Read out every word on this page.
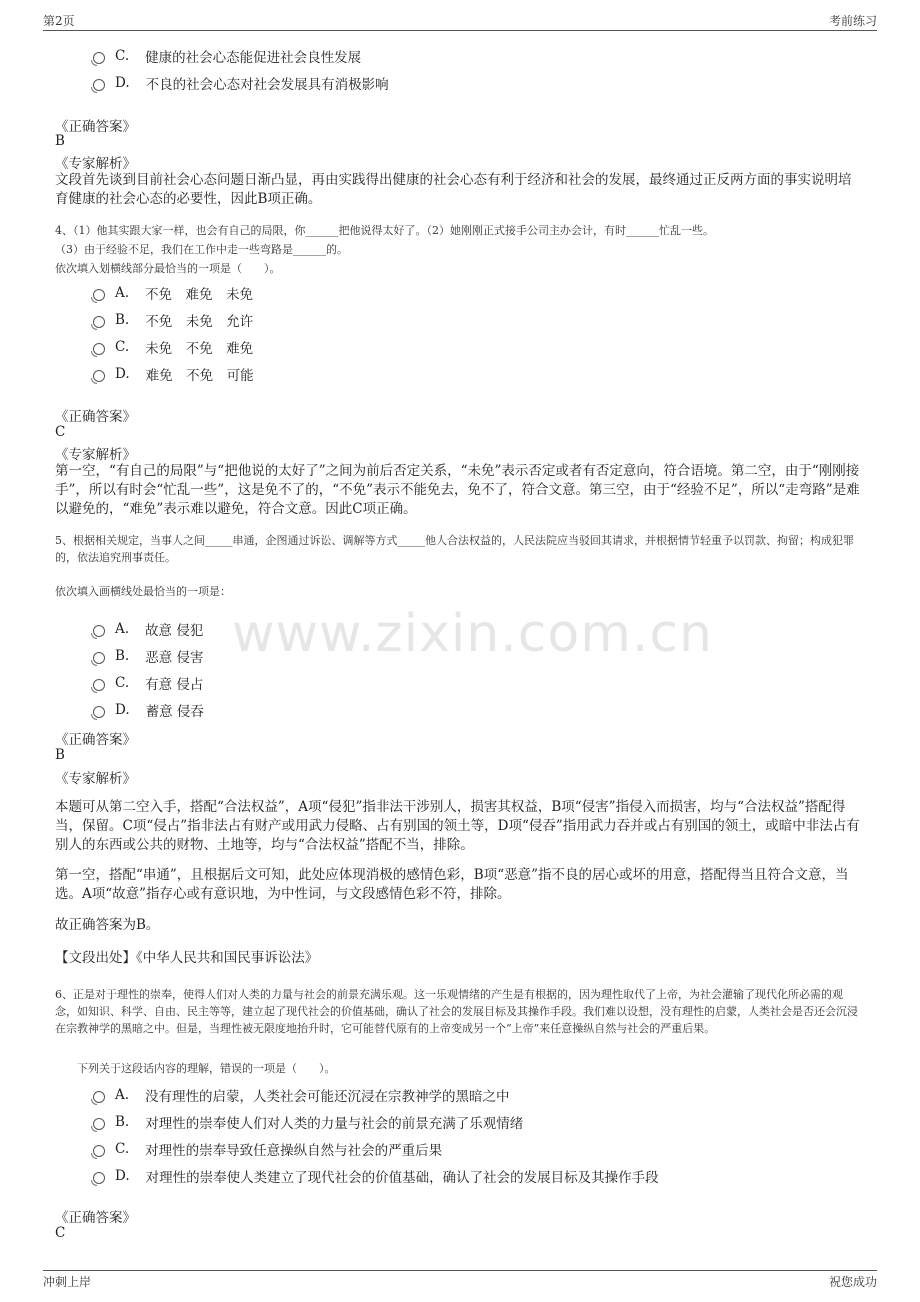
第2页	考前练习
www.zixin.com.cn
C. 健康的社会心态能促进社会良性发展
D. 不良的社会心态对社会发展具有消极影响
《正确答案》
B
《专家解析》
文段首先谈到目前社会心态问题日渐凸显，再由实践得出健康的社会心态有利于经济和社会的发展，最终通过正反两方面的事实说明培育健康的社会心态的必要性，因此B项正确。
4、（1）他其实跟大家一样，也会有自己的局限，你______把他说得太好了。（2）她刚刚正式接手公司主办会计，有时______忙乱一些。
（3）由于经验不足，我们在工作中走一些弯路是______的。
依次填入划横线部分最恰当的一项是（　　）。
A. 不免　难免　未免
B. 不免　未免　允许
C. 未免　不免　难免
D. 难免　不免　可能
《正确答案》
C
《专家解析》
第一空，“有自己的局限”与“把他说的太好了”之间为前后否定关系，“未免”表示否定或者有否定意向，符合语境。第二空，由于“刚刚接手”，所以有时会“忙乱一些”，这是免不了的，“不免”表示不能免去，免不了，符合文意。第三空，由于“经验不足”，所以“走弯路”是难以避免的，“难免”表示难以避免，符合文意。因此C项正确。
5、根据相关规定，当事人之间_____串通，企图通过诉讼、调解等方式_____他人合法权益的，人民法院应当驳回其请求，并根据情节轻重予以罚款、拘留；构成犯罪的，依法追究刑事责任。
依次填入画横线处最恰当的一项是：
A. 故意 侵犯
B. 恶意 侵害
C. 有意 侵占
D. 蓄意 侵吞
《正确答案》
B
《专家解析》
本题可从第二空入手，搭配“合法权益”，A项“侵犯”指非法干涉别人，损害其权益，B项“侵害”指侵入而损害，均与“合法权益”搭配得当，保留。C项“侵占”指非法占有财产或用武力侵略、占有别国的领土等，D项“侵吞”指用武力吞并或占有别国的领土，或暗中非法占有别人的东西或公共的财物、土地等，均与“合法权益”搭配不当，排除。
第一空，搭配“串通”，且根据后文可知，此处应体现消极的感情色彩，B项“恶意”指不良的居心或坏的用意，搭配得当且符合文意，当选。A项“故意”指存心或有意识地，为中性词，与文段感情色彩不符，排除。
故正确答案为B。
【文段出处】《中华人民共和国民事诉讼法》
6、正是对于理性的崇奉，使得人们对人类的力量与社会的前景充满乐观。这一乐观情绪的产生是有根据的，因为理性取代了上帝，为社会灌输了现代化所必需的观念，如知识、科学、自由、民主等等，建立起了现代社会的价值基础，确认了社会的发展目标及其操作手段。我们难以设想，没有理性的启蒙，人类社会是否还会沉浸在宗教神学的黑暗之中。但是，当理性被无限度地抬升时，它可能替代原有的上帝变成另一个“上帝”来任意操纵自然与社会的严重后果。
下列关于这段话内容的理解，错误的一项是（　　）。
A. 没有理性的启蒙，人类社会可能还沉浸在宗教神学的黑暗之中
B. 对理性的崇奉使人们对人类的力量与社会的前景充满了乐观情绪
C. 对理性的崇奉导致任意操纵自然与社会的严重后果
D. 对理性的崇奉使人类建立了现代社会的价值基础，确认了社会的发展目标及其操作手段
《正确答案》
C
冲刺上岸	祝您成功
